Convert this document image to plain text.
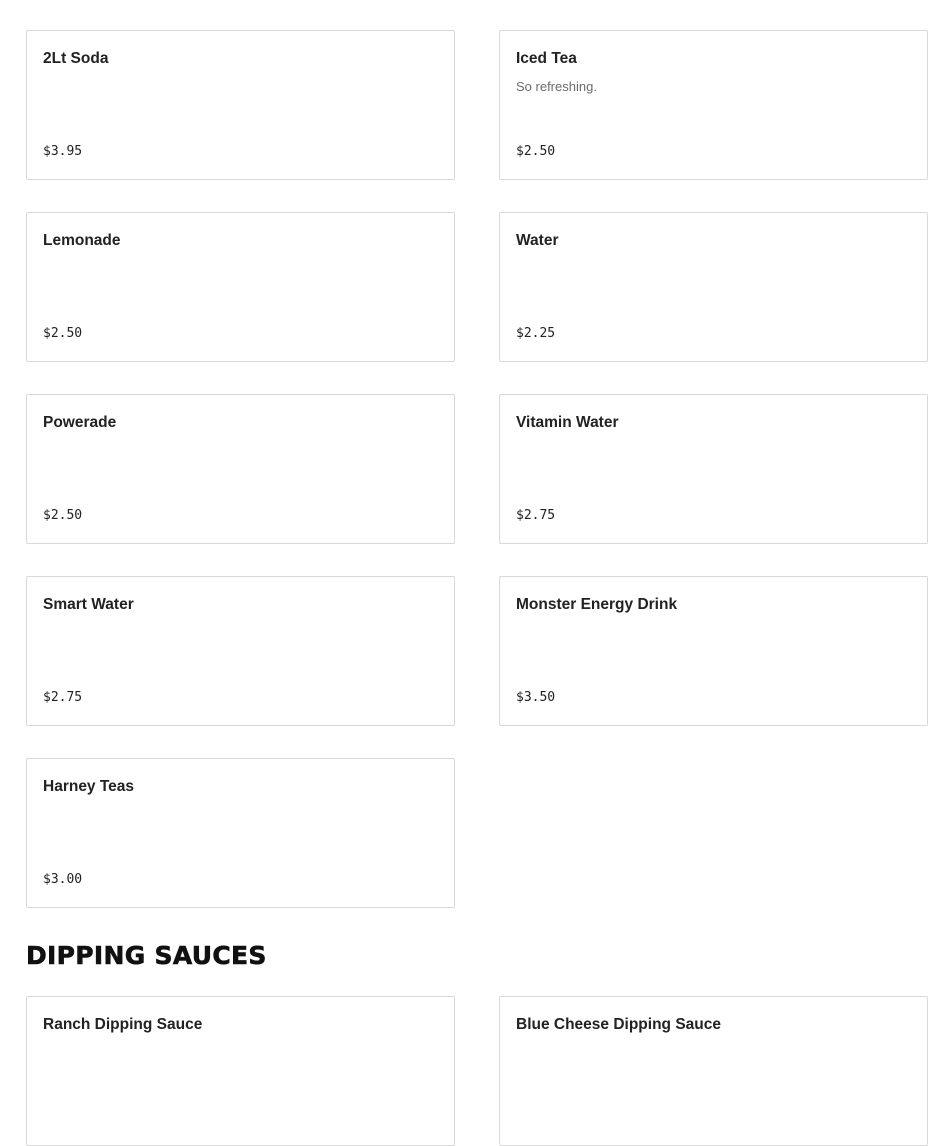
2Lt Soda
$3.95
Iced Tea
So refreshing.
$2.50
Lemonade
$2.50
Water
$2.25
Powerade
$2.50
Vitamin Water
$2.75
Smart Water
$2.75
Monster Energy Drink
$3.50
Harney Teas
$3.00
DIPPING SAUCES
Ranch Dipping Sauce	Blue Cheese Dipping Sauce
